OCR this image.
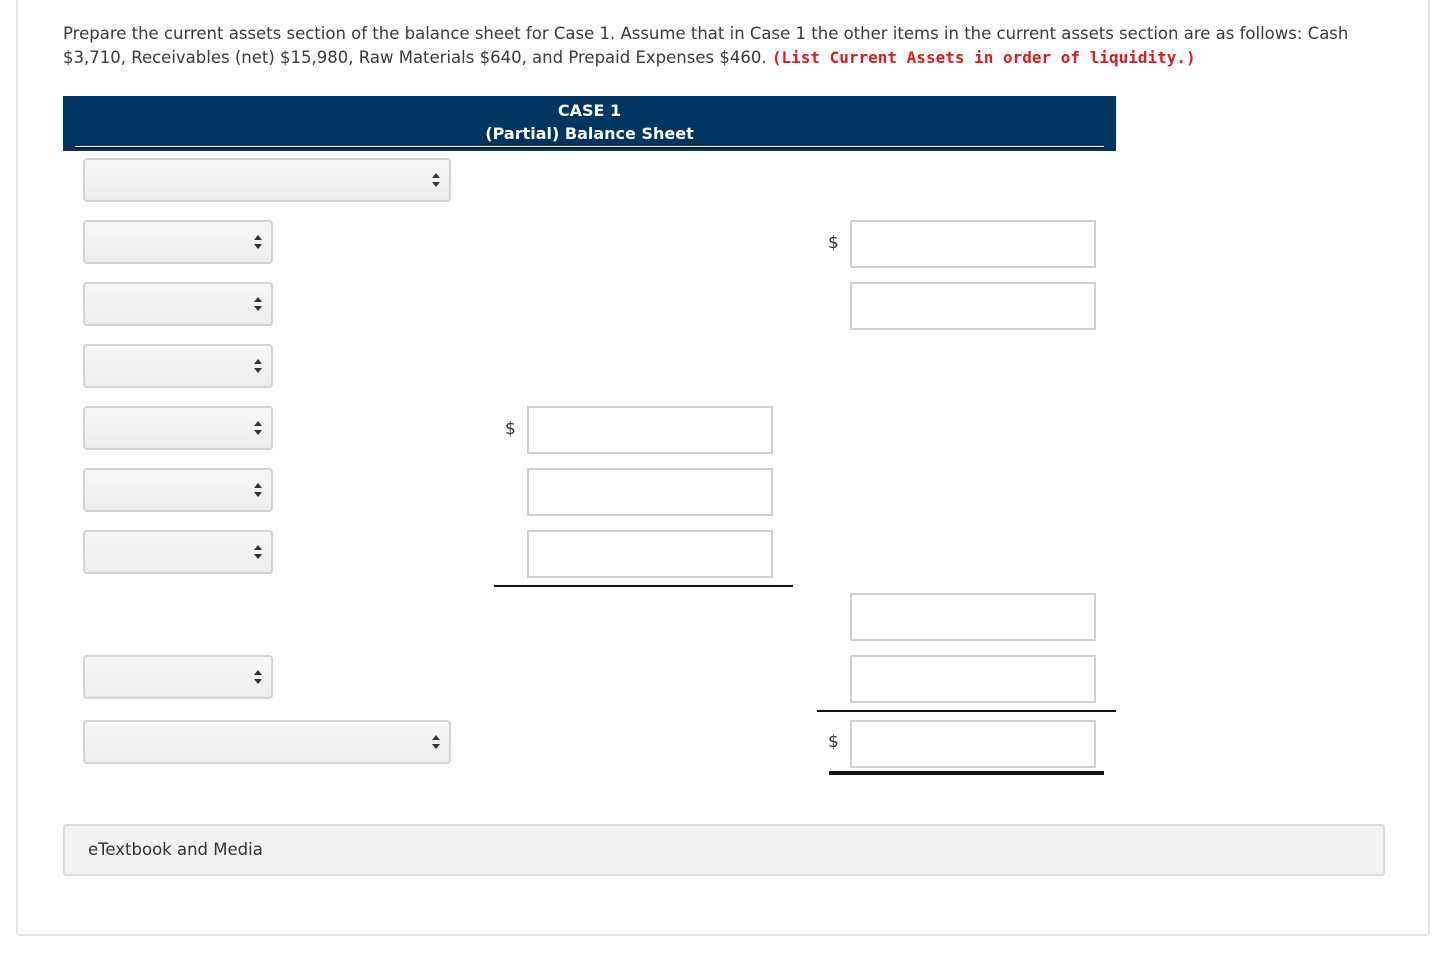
Prepare the current assets section of the balance sheet for Case 1. Assume that in Case 1 the other items in the current assets section are as follows: Cash $3,710, Receivables (net) $15,980, Raw Materials $640, and Prepaid Expenses $460. (List Current Assets in order of liquidity.)
CASE 1
(Partial) Balance Sheet
$
$
$
eTextbook and Media
